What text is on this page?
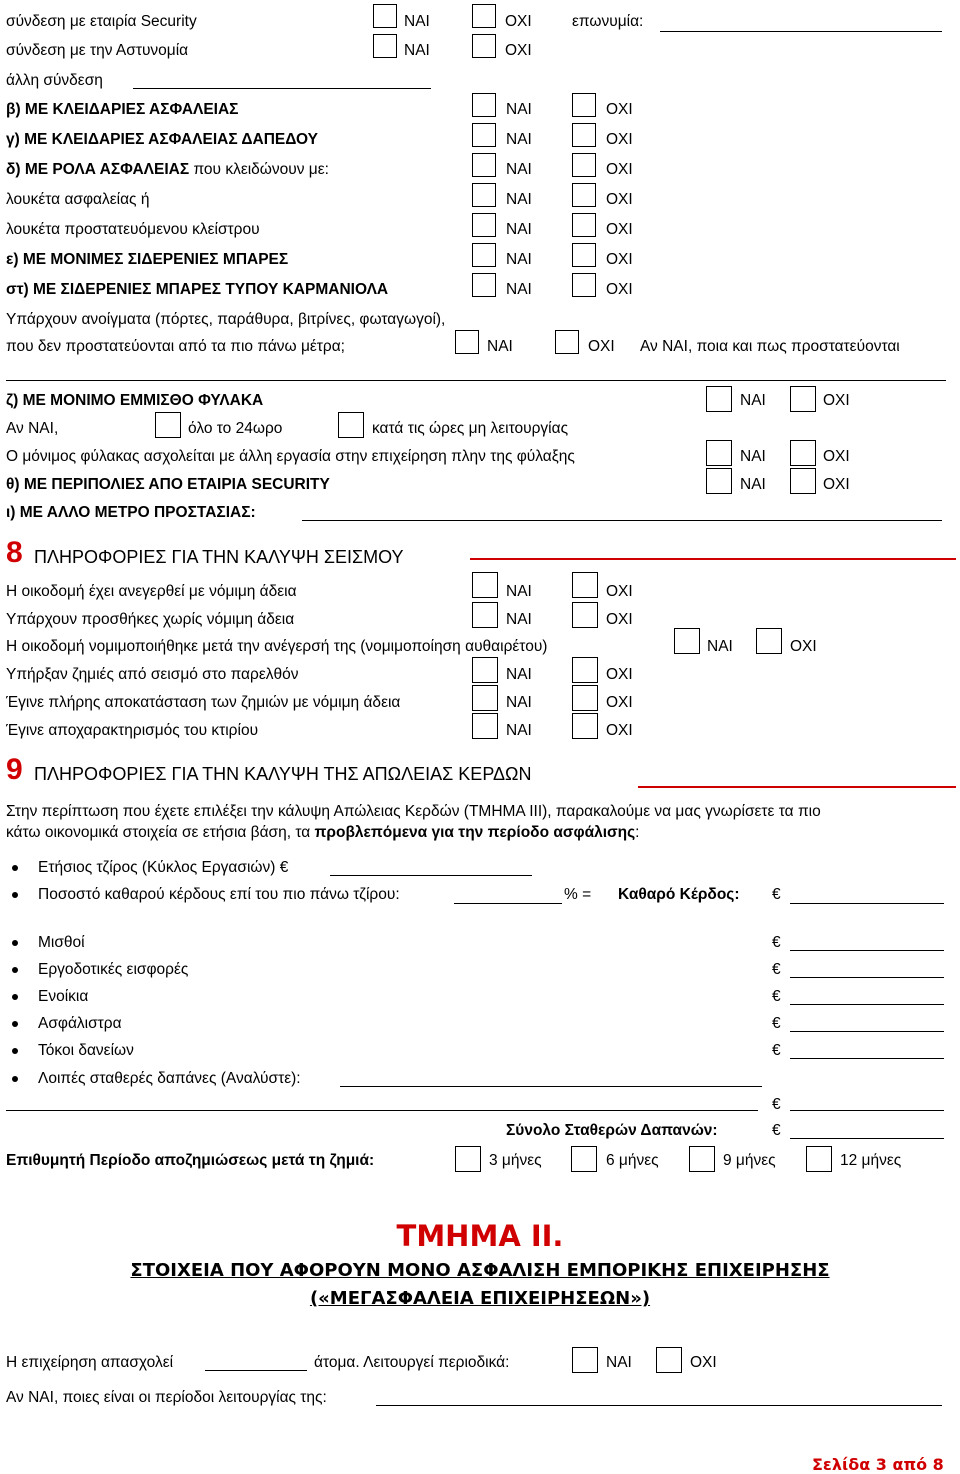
σύνδεση με εταιρία Security	ΝΑΙ	ΟΧΙ	επωνυμία:
σύνδεση με την Αστυνομία	ΝΑΙ	ΟΧΙ
άλλη σύνδεση
β) ΜΕ ΚΛΕΙΔΑΡΙΕΣ ΑΣΦΑΛΕΙΑΣ	ΝΑΙ	ΟΧΙ
γ) ΜΕ ΚΛΕΙΔΑΡΙΕΣ ΑΣΦΑΛΕΙΑΣ ΔΑΠΕΔΟΥ	ΝΑΙ	ΟΧΙ
δ) ΜΕ ΡΟΛΑ ΑΣΦΑΛΕΙΑΣ που κλειδώνουν με:	ΝΑΙ	ΟΧΙ
λουκέτα ασφαλείας ή	ΝΑΙ	ΟΧΙ
λουκέτα προστατευόμενου κλείστρου	ΝΑΙ	ΟΧΙ
ε) ΜΕ ΜΟΝΙΜΕΣ ΣΙΔΕΡΕΝΙΕΣ ΜΠΑΡΕΣ	ΝΑΙ	ΟΧΙ
στ) ΜΕ ΣΙΔΕΡΕΝΙΕΣ ΜΠΑΡΕΣ ΤΥΠΟΥ ΚΑΡΜΑΝΙΟΛΑ	ΝΑΙ	ΟΧΙ
Υπάρχουν ανοίγματα (πόρτες, παράθυρα, βιτρίνες, φωταγωγοί),
που δεν προστατεύονται από τα πιο πάνω μέτρα;	ΝΑΙ	ΟΧΙ Αν ΝΑΙ, ποια και πως προστατεύονται
ζ) ΜΕ ΜΟΝΙΜΟ ΕΜΜΙΣΘΟ ΦΥΛΑΚΑ	ΝΑΙ	ΟΧΙ
Αν ΝΑΙ,	όλο το 24ωρο	κατά τις ώρες μη λειτουργίας
Ο μόνιμος φύλακας ασχολείται με άλλη εργασία στην επιχείρηση πλην της φύλαξης	ΝΑΙ	ΟΧΙ
θ) ΜΕ ΠΕΡΙΠΟΛΙΕΣ ΑΠΟ ΕΤΑΙΡΙΑ SECURITY	ΝΑΙ	ΟΧΙ
ι) ΜΕ ΑΛΛΟ ΜΕΤΡΟ ΠΡΟΣΤΑΣΙΑΣ:
8 ΠΛΗΡΟΦΟΡΙΕΣ ΓΙΑ ΤΗΝ ΚΑΛΥΨΗ ΣΕΙΣΜΟΥ
Η οικοδομή έχει ανεγερθεί με νόμιμη άδεια	ΝΑΙ	ΟΧΙ
Υπάρχουν προσθήκες χωρίς νόμιμη άδεια	ΝΑΙ	ΟΧΙ
Η οικοδομή νομιμοποιήθηκε μετά την ανέγερσή της (νομιμοποίηση αυθαιρέτου)	ΝΑΙ	ΟΧΙ
Υπήρξαν ζημιές από σεισμό στο παρελθόν	ΝΑΙ	ΟΧΙ
Έγινε πλήρης αποκατάσταση των ζημιών με νόμιμη άδεια	ΝΑΙ	ΟΧΙ
Έγινε αποχαρακτηρισμός του κτιρίου	ΝΑΙ	ΟΧΙ
9 ΠΛΗΡΟΦΟΡΙΕΣ ΓΙΑ ΤΗΝ ΚΑΛΥΨΗ ΤΗΣ ΑΠΩΛΕΙΑΣ ΚΕΡΔΩΝ
Στην περίπτωση που έχετε επιλέξει την κάλυψη Απώλειας Κερδών (ΤΜΗΜΑ ΙΙΙ), παρακαλούμε να μας γνωρίσετε τα πιο
κάτω οικονομικά στοιχεία σε ετήσια βάση, τα προβλεπόμενα για την περίοδο ασφάλισης:
Ετήσιος τζίρος (Κύκλος Εργασιών) €
Ποσοστό καθαρού κέρδους επί του πιο πάνω τζίρου:	% = Καθαρό Κέρδος: €
Μισθοί	€
Εργοδοτικές εισφορές	€
Ενοίκια	€
Ασφάλιστρα	€
Τόκοι δανείων	€
Λοιπές σταθερές δαπάνες (Αναλύστε):
€
Σύνολο Σταθερών Δαπανών:	€
Επιθυμητή Περίοδο αποζημιώσεως μετά τη ζημιά:	3 μήνες	6 μήνες	9 μήνες	12 μήνες
ΤΜΗΜΑ ΙΙ.
ΣΤΟΙΧΕΙΑ ΠΟΥ ΑΦΟΡΟΥΝ ΜΟΝΟ ΑΣΦΑΛΙΣΗ ΕΜΠΟΡΙΚΗΣ ΕΠΙΧΕΙΡΗΣΗΣ
(«ΜΕΓΑΣΦΑΛΕΙΑ ΕΠΙΧΕΙΡΗΣΕΩΝ»)
Η επιχείρηση απασχολεί	άτομα. Λειτουργεί περιοδικά:	ΝΑΙ	ΟΧΙ
Αν ΝΑΙ, ποιες είναι οι περίοδοι λειτουργίας της:
Σελίδα 3 από 8
